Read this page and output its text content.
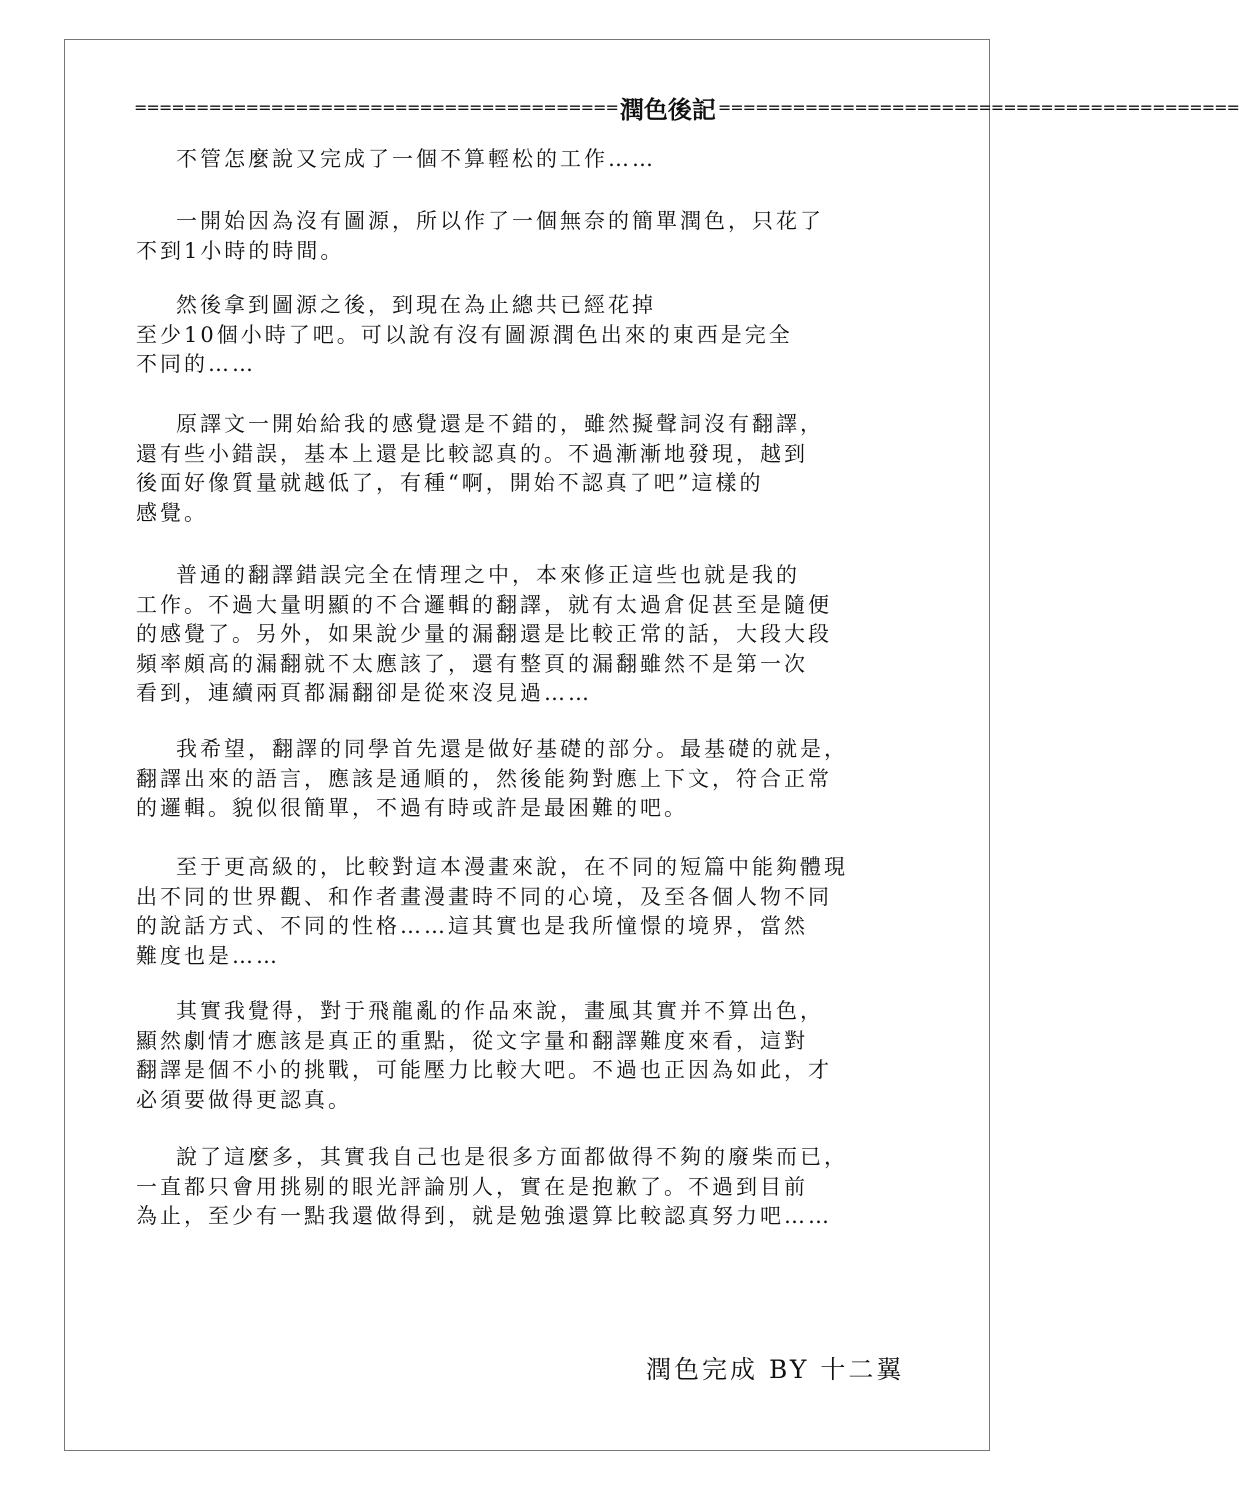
======================================= 潤色後記 ==========================================
不管怎麼說又完成了一個不算輕松的工作……
一開始因為沒有圖源，所以作了一個無奈的簡單潤色，只花了
不到1小時的時間。
然後拿到圖源之後，到現在為止總共已經花掉
至少10個小時了吧。可以說有沒有圖源潤色出來的東西是完全
不同的……
原譯文一開始給我的感覺還是不錯的，雖然擬聲詞沒有翻譯，
還有些小錯誤，基本上還是比較認真的。不過漸漸地發現，越到
後面好像質量就越低了，有種“啊，開始不認真了吧”這樣的
感覺。
普通的翻譯錯誤完全在情理之中，本來修正這些也就是我的
工作。不過大量明顯的不合邏輯的翻譯，就有太過倉促甚至是隨便
的感覺了。另外，如果說少量的漏翻還是比較正常的話，大段大段
頻率頗高的漏翻就不太應該了，還有整頁的漏翻雖然不是第一次
看到，連續兩頁都漏翻卻是從來沒見過……
我希望，翻譯的同學首先還是做好基礎的部分。最基礎的就是，
翻譯出來的語言，應該是通順的，然後能夠對應上下文，符合正常
的邏輯。貌似很簡單，不過有時或許是最困難的吧。
至于更高級的，比較對這本漫畫來說，在不同的短篇中能夠體現
出不同的世界觀、和作者畫漫畫時不同的心境，及至各個人物不同
的說話方式、不同的性格……這其實也是我所憧憬的境界，當然
難度也是……
其實我覺得，對于飛龍亂的作品來說，畫風其實并不算出色，
顯然劇情才應該是真正的重點，從文字量和翻譯難度來看，這對
翻譯是個不小的挑戰，可能壓力比較大吧。不過也正因為如此，才
必須要做得更認真。
說了這麼多，其實我自己也是很多方面都做得不夠的廢柴而已，
一直都只會用挑剔的眼光評論別人，實在是抱歉了。不過到目前
為止，至少有一點我還做得到，就是勉強還算比較認真努力吧……
潤色完成 BY 十二翼
